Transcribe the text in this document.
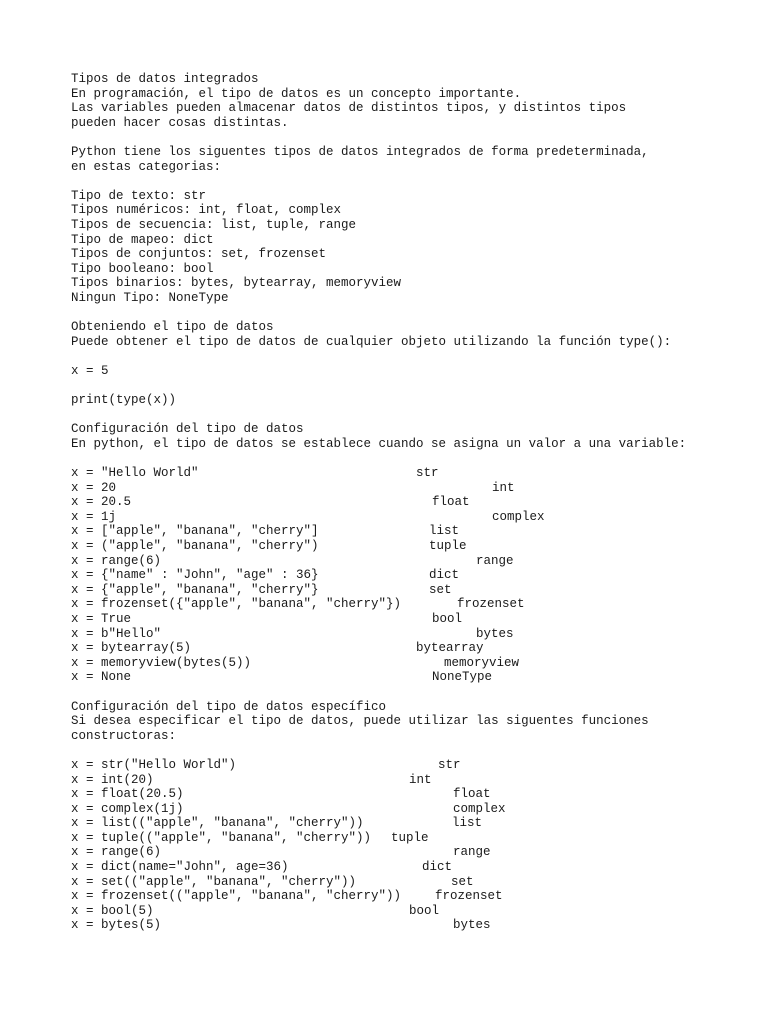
Tipos de datos integrados
En programación, el tipo de datos es un concepto importante.
Las variables pueden almacenar datos de distintos tipos, y distintos tipos
pueden hacer cosas distintas.
Python tiene los siguentes tipos de datos integrados de forma predeterminada,
en estas categorias:
Tipo de texto: str
Tipos numéricos: int, float, complex
Tipos de secuencia: list, tuple, range
Tipo de mapeo: dict
Tipos de conjuntos: set, frozenset
Tipo booleano: bool
Tipos binarios: bytes, bytearray, memoryview
Ningun Tipo: NoneType
Obteniendo el tipo de datos
Puede obtener el tipo de datos de cualquier objeto utilizando la función type():
x = 5
print(type(x))
Configuración del tipo de datos
En python, el tipo de datos se establece cuando se asigna un valor a una variable:
x = "Hello World"	str
x = 20	int
x = 20.5	float
x = 1j	complex
x = ["apple", "banana", "cherry"]	list
x = ("apple", "banana", "cherry")	tuple
x = range(6)	range
x = {"name" : "John", "age" : 36}	dict
x = {"apple", "banana", "cherry"}	set
x = frozenset({"apple", "banana", "cherry"})	frozenset
x = True	bool
x = b"Hello"	bytes
x = bytearray(5)	bytearray
x = memoryview(bytes(5))	memoryview
x = None	NoneType
Configuración del tipo de datos específico
Si desea especificar el tipo de datos, puede utilizar las siguentes funciones
constructoras:
x = str("Hello World")	str
x = int(20)	int
x = float(20.5)	float
x = complex(1j)	complex
x = list(("apple", "banana", "cherry"))	list
x = tuple(("apple", "banana", "cherry")) tuple
x = range(6)	range
x = dict(name="John", age=36)	dict
x = set(("apple", "banana", "cherry"))	set
x = frozenset(("apple", "banana", "cherry"))	frozenset
x = bool(5)	bool
x = bytes(5)	bytes
